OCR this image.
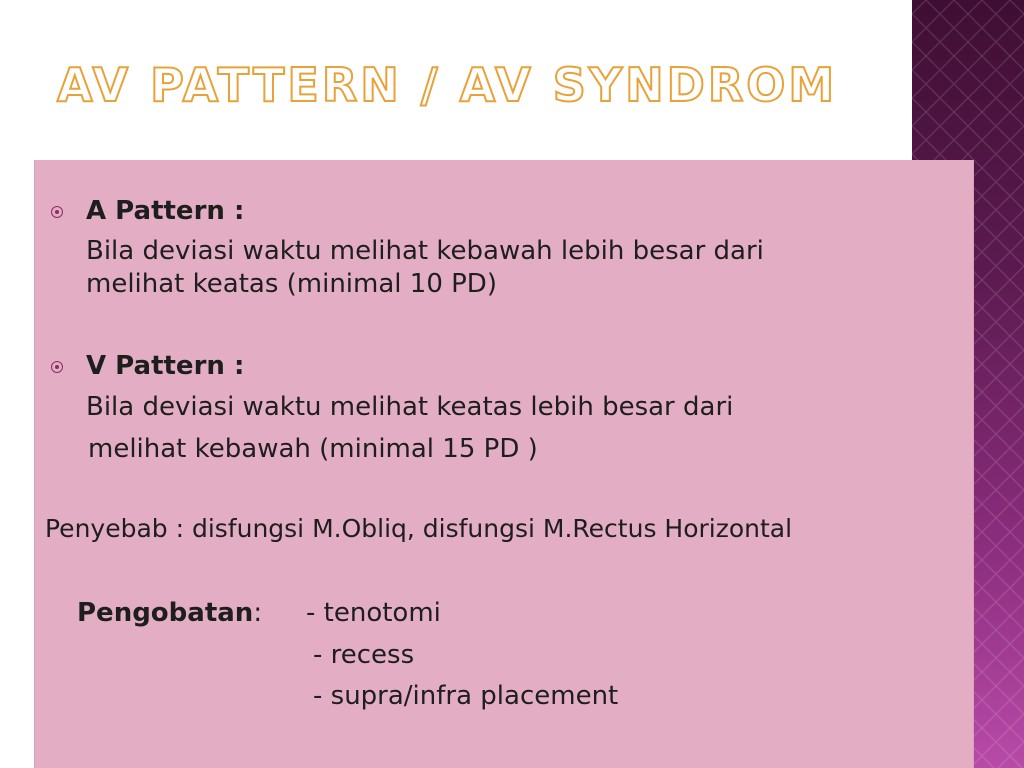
AV PATTERN / AV SYNDROM
A Pattern :
Bila deviasi waktu melihat kebawah lebih besar dari
melihat keatas (minimal 10 PD)
V Pattern :
Bila deviasi waktu melihat keatas lebih besar dari
melihat kebawah (minimal 15 PD )
Penyebab : disfungsi M.Obliq, disfungsi M.Rectus Horizontal
Pengobatan: - tenotomi
- recess
- supra/infra placement
